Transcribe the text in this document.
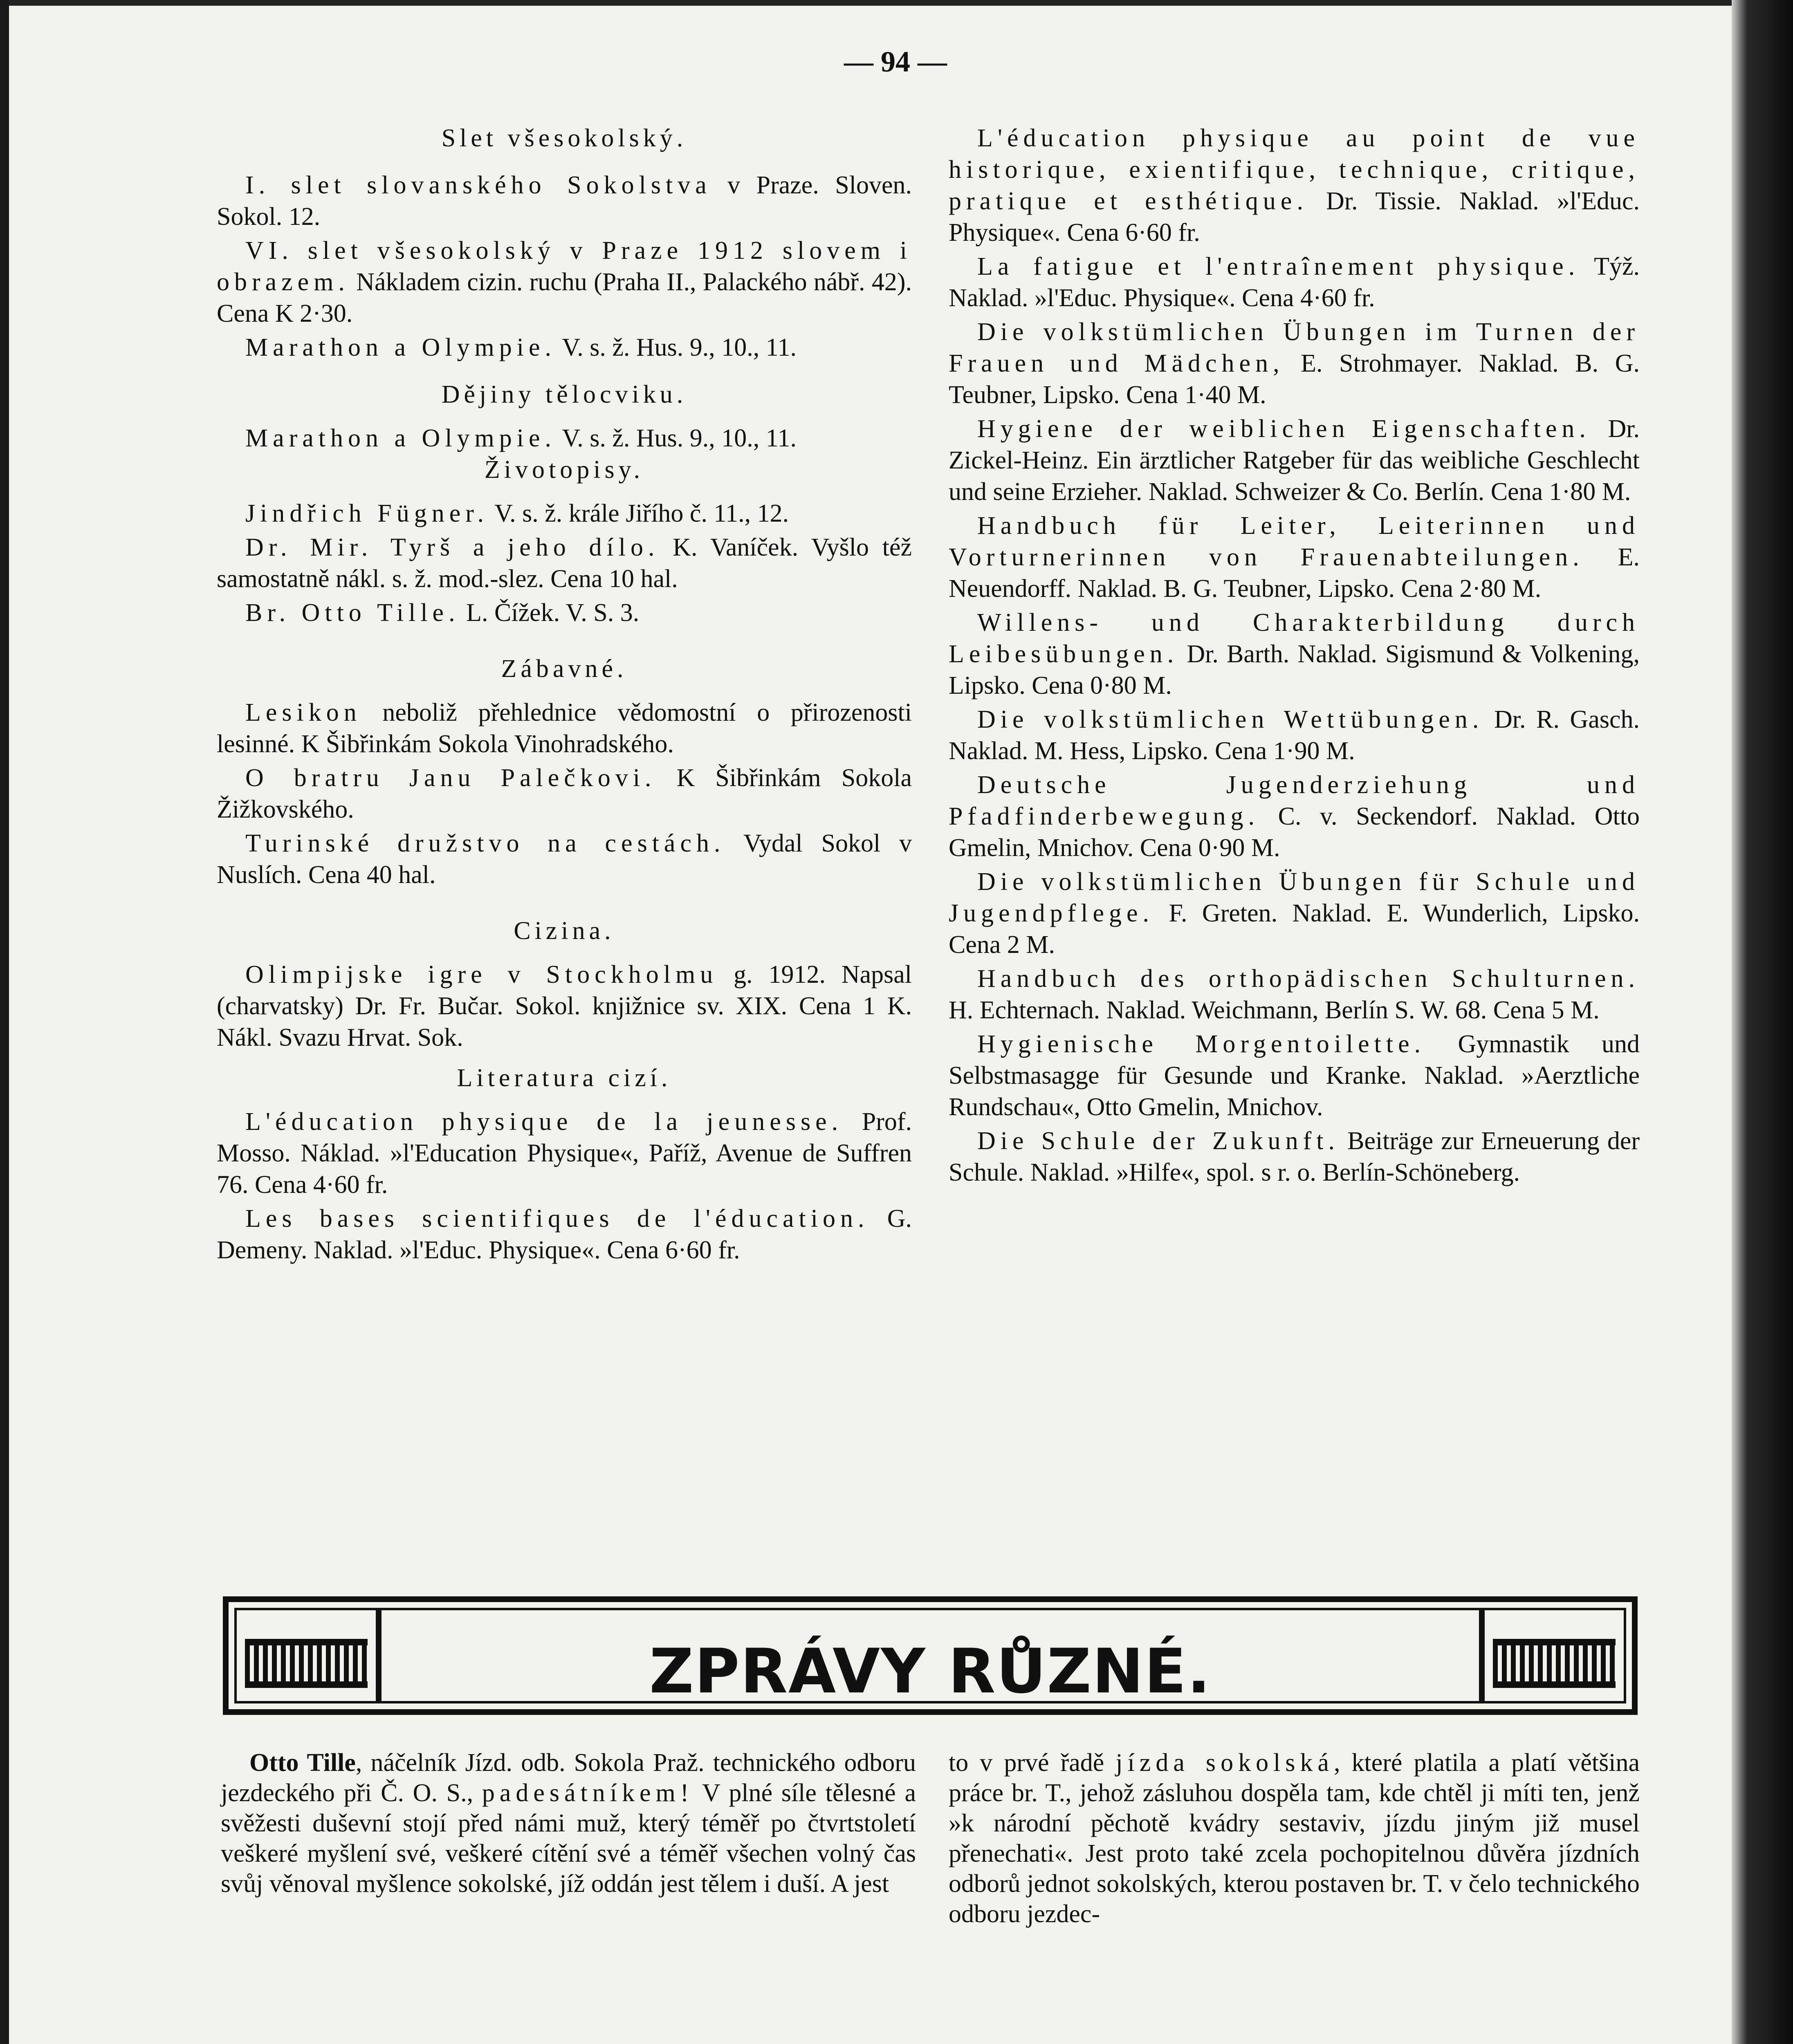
— 94 —
Slet všesokolský.

I. slet slovanského Sokolstva v Praze. Sloven. Sokol. 12.

VI. slet všesokolský v Praze 1912 slovem i obrazem. Nákladem cizin. ruchu (Praha II., Palackého nábř. 42). Cena K 2·30.

Marathon a Olympie. V. s. ž. Hus. 9., 10., 11.

Dějiny tělocviku.

Marathon a Olympie. V. s. ž. Hus. 9., 10., 11.

Životopisy.

Jindřich Fügner. V. s. ž. krále Jiřího č. 11., 12.

Dr. Mir. Tyrš a jeho dílo. K. Vaníček. Vyšlo též samostatně nákl. s. ž. mod.-slez. Cena 10 hal.

Br. Otto Tille. L. Čížek. V. S. 3.

Zábavné.

Lesikon neboliž přehlednice vědomostní o přirozenosti lesinné. K Šibřinkám Sokola Vinohradského.

O bratru Janu Palečkovi. K Šibřinkám Sokola Žižkovského.

Turinské družstvo na cestách. Vydal Sokol v Nuslích. Cena 40 hal.

Cizina.

Olimpijske igre v Stockholmu g. 1912. Napsal (charvatsky) Dr. Fr. Bučar. Sokol. knjižnice sv. XIX. Cena 1 K. Nákl. Svazu Hrvat. Sok.

Literatura cizí.

L'éducation physique de la jeunesse. Prof. Mosso. Náklad. »l'Education Physique«, Paříž, Avenue de Suffren 76. Cena 4·60 fr.

Les bases scientifiques de l'éducation. G. Demeny. Naklad. »l'Educ. Physique«. Cena 6·60 fr.

L'éducation physique au point de vue historique, exientifique, technique, critique, pratique et esthétique. Dr. Tissie. Naklad. »l'Educ. Physique«. Cena 6·60 fr.

La fatigue et l'entraînement physique. Týž. Naklad. »l'Educ. Physique«. Cena 4·60 fr.

Die volkstümlichen Übungen im Turnen der Frauen und Mädchen, E. Strohmayer. Naklad. B. G. Teubner, Lipsko. Cena 1·40 M.

Hygiene der weiblichen Eigenschaften. Dr. Zickel-Heinz. Ein ärztlicher Ratgeber für das weibliche Geschlecht und seine Erzieher. Naklad. Schweizer & Co. Berlín. Cena 1·80 M.

Handbuch für Leiter, Leiterinnen und Vorturnerinnen von Frauenabteilungen. E. Neuendorff. Naklad. B. G. Teubner, Lipsko. Cena 2·80 M.

Willens- und Charakterbildung durch Leibesübungen. Dr. Barth. Naklad. Sigismund & Volkening, Lipsko. Cena 0·80 M.

Die volkstümlichen Wettübungen. Dr. R. Gasch. Naklad. M. Hess, Lipsko. Cena 1·90 M.

Deutsche Jugenderziehung und Pfadfinderbewegung. C. v. Seckendorf. Naklad. Otto Gmelin, Mnichov. Cena 0·90 M.

Die volkstümlichen Übungen für Schule und Jugendpflege. F. Greten. Naklad. E. Wunderlich, Lipsko. Cena 2 M.

Handbuch des orthopädischen Schulturnen. H. Echternach. Naklad. Weichmann, Berlín S. W. 68. Cena 5 M.

Hygienische Morgentoilette. Gymnastik und Selbstmasagge für Gesunde und Kranke. Naklad. »Aerztliche Rundschau«, Otto Gmelin, Mnichov.

Die Schule der Zukunft. Beiträge zur Erneuerung der Schule. Naklad. »Hilfe«, spol. s r. o. Berlín-Schöneberg.

ZPRÁVY RŮZNÉ.

Otto Tille, náčelník Jízd. odb. Sokola Praž. technického odboru jezdeckého při Č. O. S., padesátníkem! V plné síle tělesné a svěžesti duševní stojí před námi muž, který téměř po čtvrtstoletí veškeré myšlení své, veškeré cítění své a téměř všechen volný čas svůj věnoval myšlence sokolské, jíž oddán jest tělem i duší. A jest

to v prvé řadě jízda sokolská, které platila a platí většina práce br. T., jehož zásluhou dospěla tam, kde chtěl ji míti ten, jenž »k národní pěchotě kvádry sestaviv, jízdu jiným již musel přenechati«. Jest proto také zcela pochopitelnou důvěra jízdních odborů jednot sokolských, kterou postaven br. T. v čelo technického odboru jezdec-
